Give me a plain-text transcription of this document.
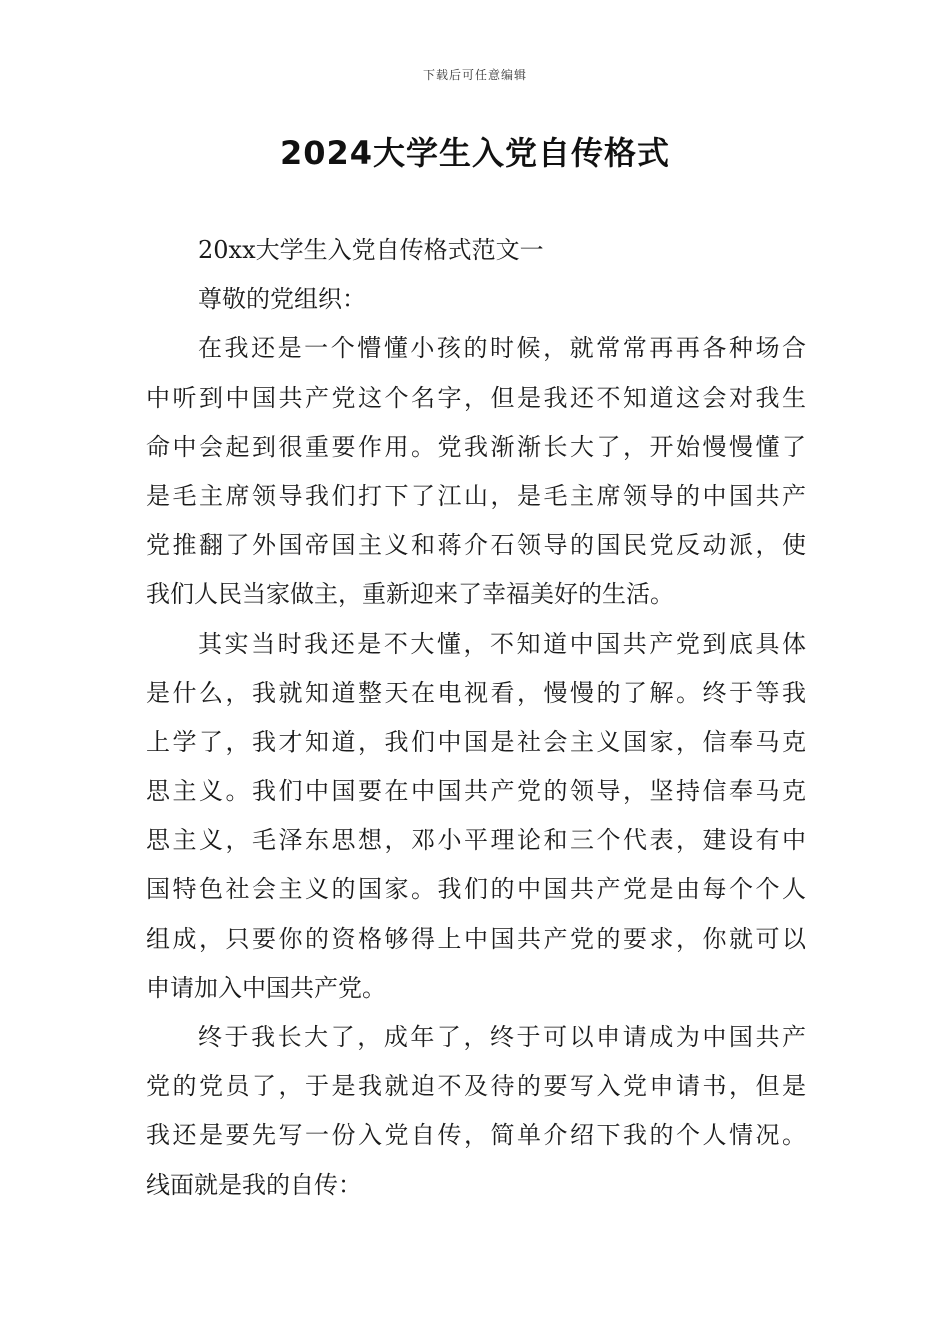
下载后可任意编辑
2024大学生入党自传格式
20xx大学生入党自传格式范文一
尊敬的党组织：
在我还是一个懵懂小孩的时候，就常常再再各种场合
中听到中国共产党这个名字，但是我还不知道这会对我生
命中会起到很重要作用。党我渐渐长大了，开始慢慢懂了
是毛主席领导我们打下了江山，是毛主席领导的中国共产
党推翻了外国帝国主义和蒋介石领导的国民党反动派，使
我们人民当家做主，重新迎来了幸福美好的生活。
其实当时我还是不大懂，不知道中国共产党到底具体
是什么，我就知道整天在电视看，慢慢的了解。终于等我
上学了，我才知道，我们中国是社会主义国家，信奉马克
思主义。我们中国要在中国共产党的领导，坚持信奉马克
思主义，毛泽东思想，邓小平理论和三个代表，建设有中
国特色社会主义的国家。我们的中国共产党是由每个个人
组成，只要你的资格够得上中国共产党的要求，你就可以
申请加入中国共产党。
终于我长大了，成年了，终于可以申请成为中国共产
党的党员了，于是我就迫不及待的要写入党申请书，但是
我还是要先写一份入党自传，简单介绍下我的个人情况。
线面就是我的自传：
